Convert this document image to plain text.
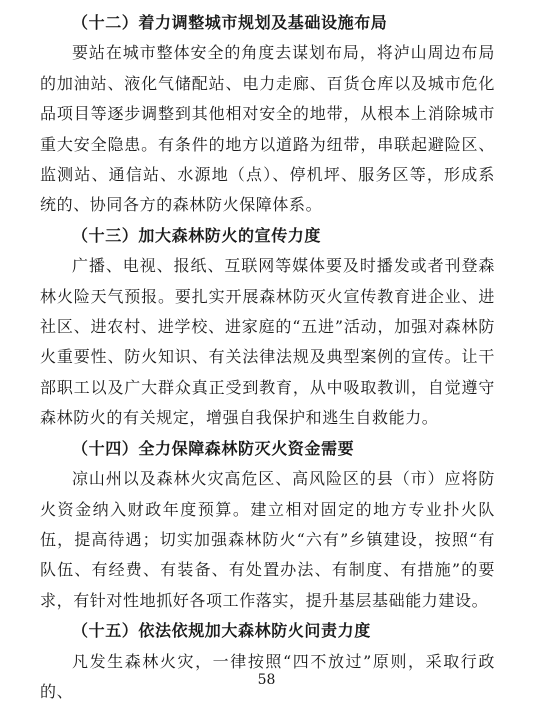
（十二）着力调整城市规划及基础设施布局

要站在城市整体安全的角度去谋划布局，将泸山周边布局的加油站、液化气储配站、电力走廊、百货仓库以及城市危化品项目等逐步调整到其他相对安全的地带，从根本上消除城市重大安全隐患。有条件的地方以道路为纽带，串联起避险区、监测站、通信站、水源地（点）、停机坪、服务区等，形成系统的、协同各方的森林防火保障体系。

（十三）加大森林防火的宣传力度

广播、电视、报纸、互联网等媒体要及时播发或者刊登森林火险天气预报。要扎实开展森林防灭火宣传教育进企业、进社区、进农村、进学校、进家庭的“五进”活动，加强对森林防火重要性、防火知识、有关法律法规及典型案例的宣传。让干部职工以及广大群众真正受到教育，从中吸取教训，自觉遵守森林防火的有关规定，增强自我保护和逃生自救能力。

（十四）全力保障森林防灭火资金需要

凉山州以及森林火灾高危区、高风险区的县（市）应将防火资金纳入财政年度预算。建立相对固定的地方专业扑火队伍，提高待遇；切实加强森林防火“六有”乡镇建设，按照“有队伍、有经费、有装备、有处置办法、有制度、有措施”的要求，有针对性地抓好各项工作落实，提升基层基础能力建设。

（十五）依法依规加大森林防火问责力度

凡发生森林火灾，一律按照“四不放过”原则，采取行政的、

58
